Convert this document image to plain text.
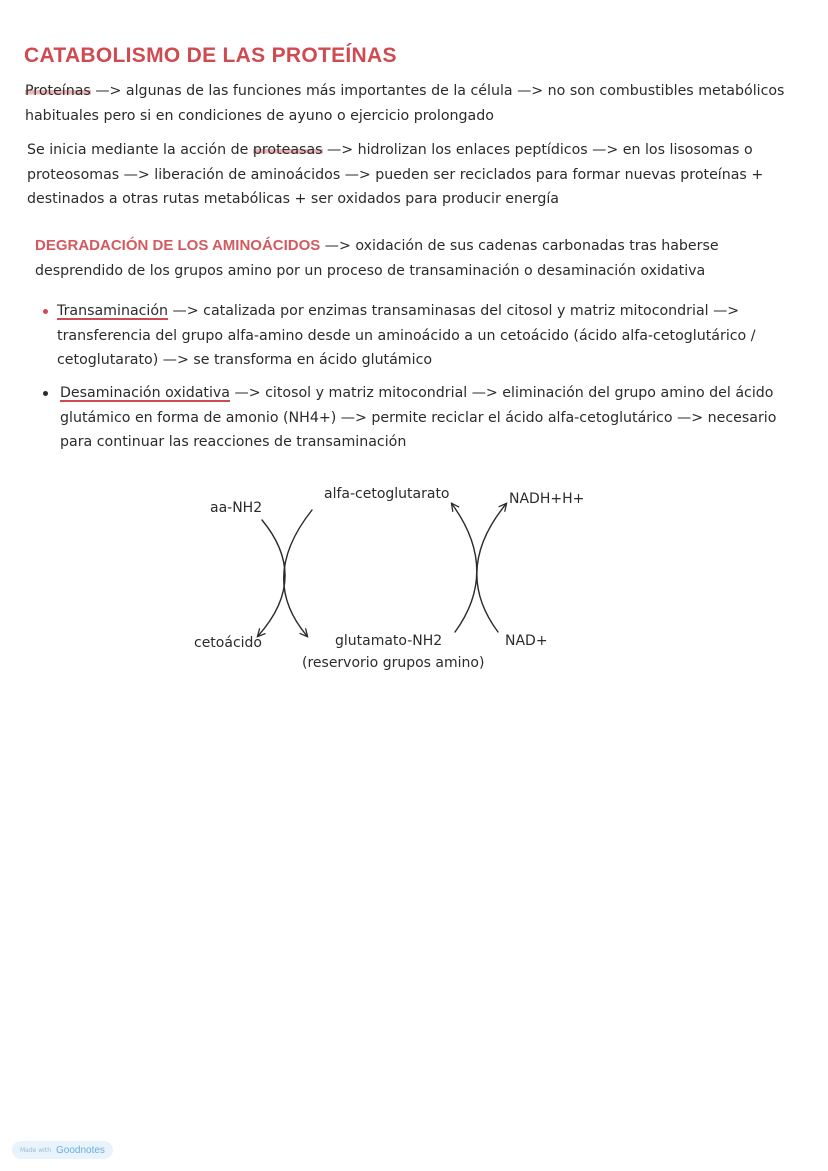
CATABOLISMO DE LAS PROTEÍNAS

Proteínas —> algunas de las funciones más importantes de la célula —> no son combustibles metabólicos habituales pero si en condiciones de ayuno o ejercicio prolongado

Se inicia mediante la acción de proteasas —> hidrolizan los enlaces peptídicos —> en los lisosomas o proteosomas —> liberación de aminoácidos —> pueden ser reciclados para formar nuevas proteínas + destinados a otras rutas metabólicas + ser oxidados para producir energía

DEGRADACIÓN DE LOS AMINOÁCIDOS —> oxidación de sus cadenas carbonadas tras haberse desprendido de los grupos amino por un proceso de transaminación o desaminación oxidativa

Transaminación —> catalizada por enzimas transaminasas del citosol y matriz mitocondrial —> transferencia del grupo alfa-amino desde un aminoácido a un cetoácido (ácido alfa-cetoglutárico / cetoglutarato) —> se transforma en ácido glutámico

Desaminación oxidativa —> citosol y matriz mitocondrial —> eliminación del grupo amino del ácido glutámico en forma de amonio (NH4+) —> permite reciclar el ácido alfa-cetoglutárico —> necesario para continuar las reacciones de transaminación

aa-NH2
alfa-cetoglutarato	NADH+H+
cetoácido	glutamato-NH2
(reservorio grupos amino)
NAD+
Made with Goodnotes
